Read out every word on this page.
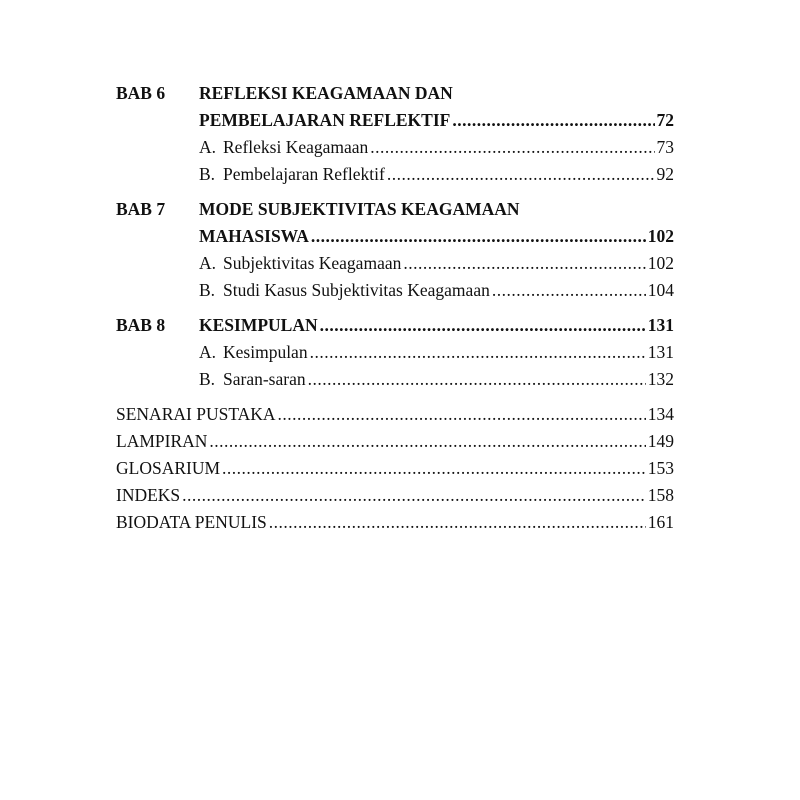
BAB 6	REFLEKSI KEAGAMAAN DAN
PEMBELAJARAN REFLEKTIF .....	72
A. Refleksi Keagamaan .....	73
B. Pembelajaran Reflektif .....	92
BAB 7	MODE SUBJEKTIVITAS KEAGAMAAN
MAHASISWA .....	102
A. Subjektivitas Keagamaan .....	102
B. Studi Kasus Subjektivitas Keagamaan .....	104
BAB 8	KESIMPULAN .....	131
A. Kesimpulan .....	131
B. Saran-saran .....	132
SENARAI PUSTAKA .....	134
LAMPIRAN .....	149
GLOSARIUM .....	153
INDEKS .....	158
BIODATA PENULIS .....	161
